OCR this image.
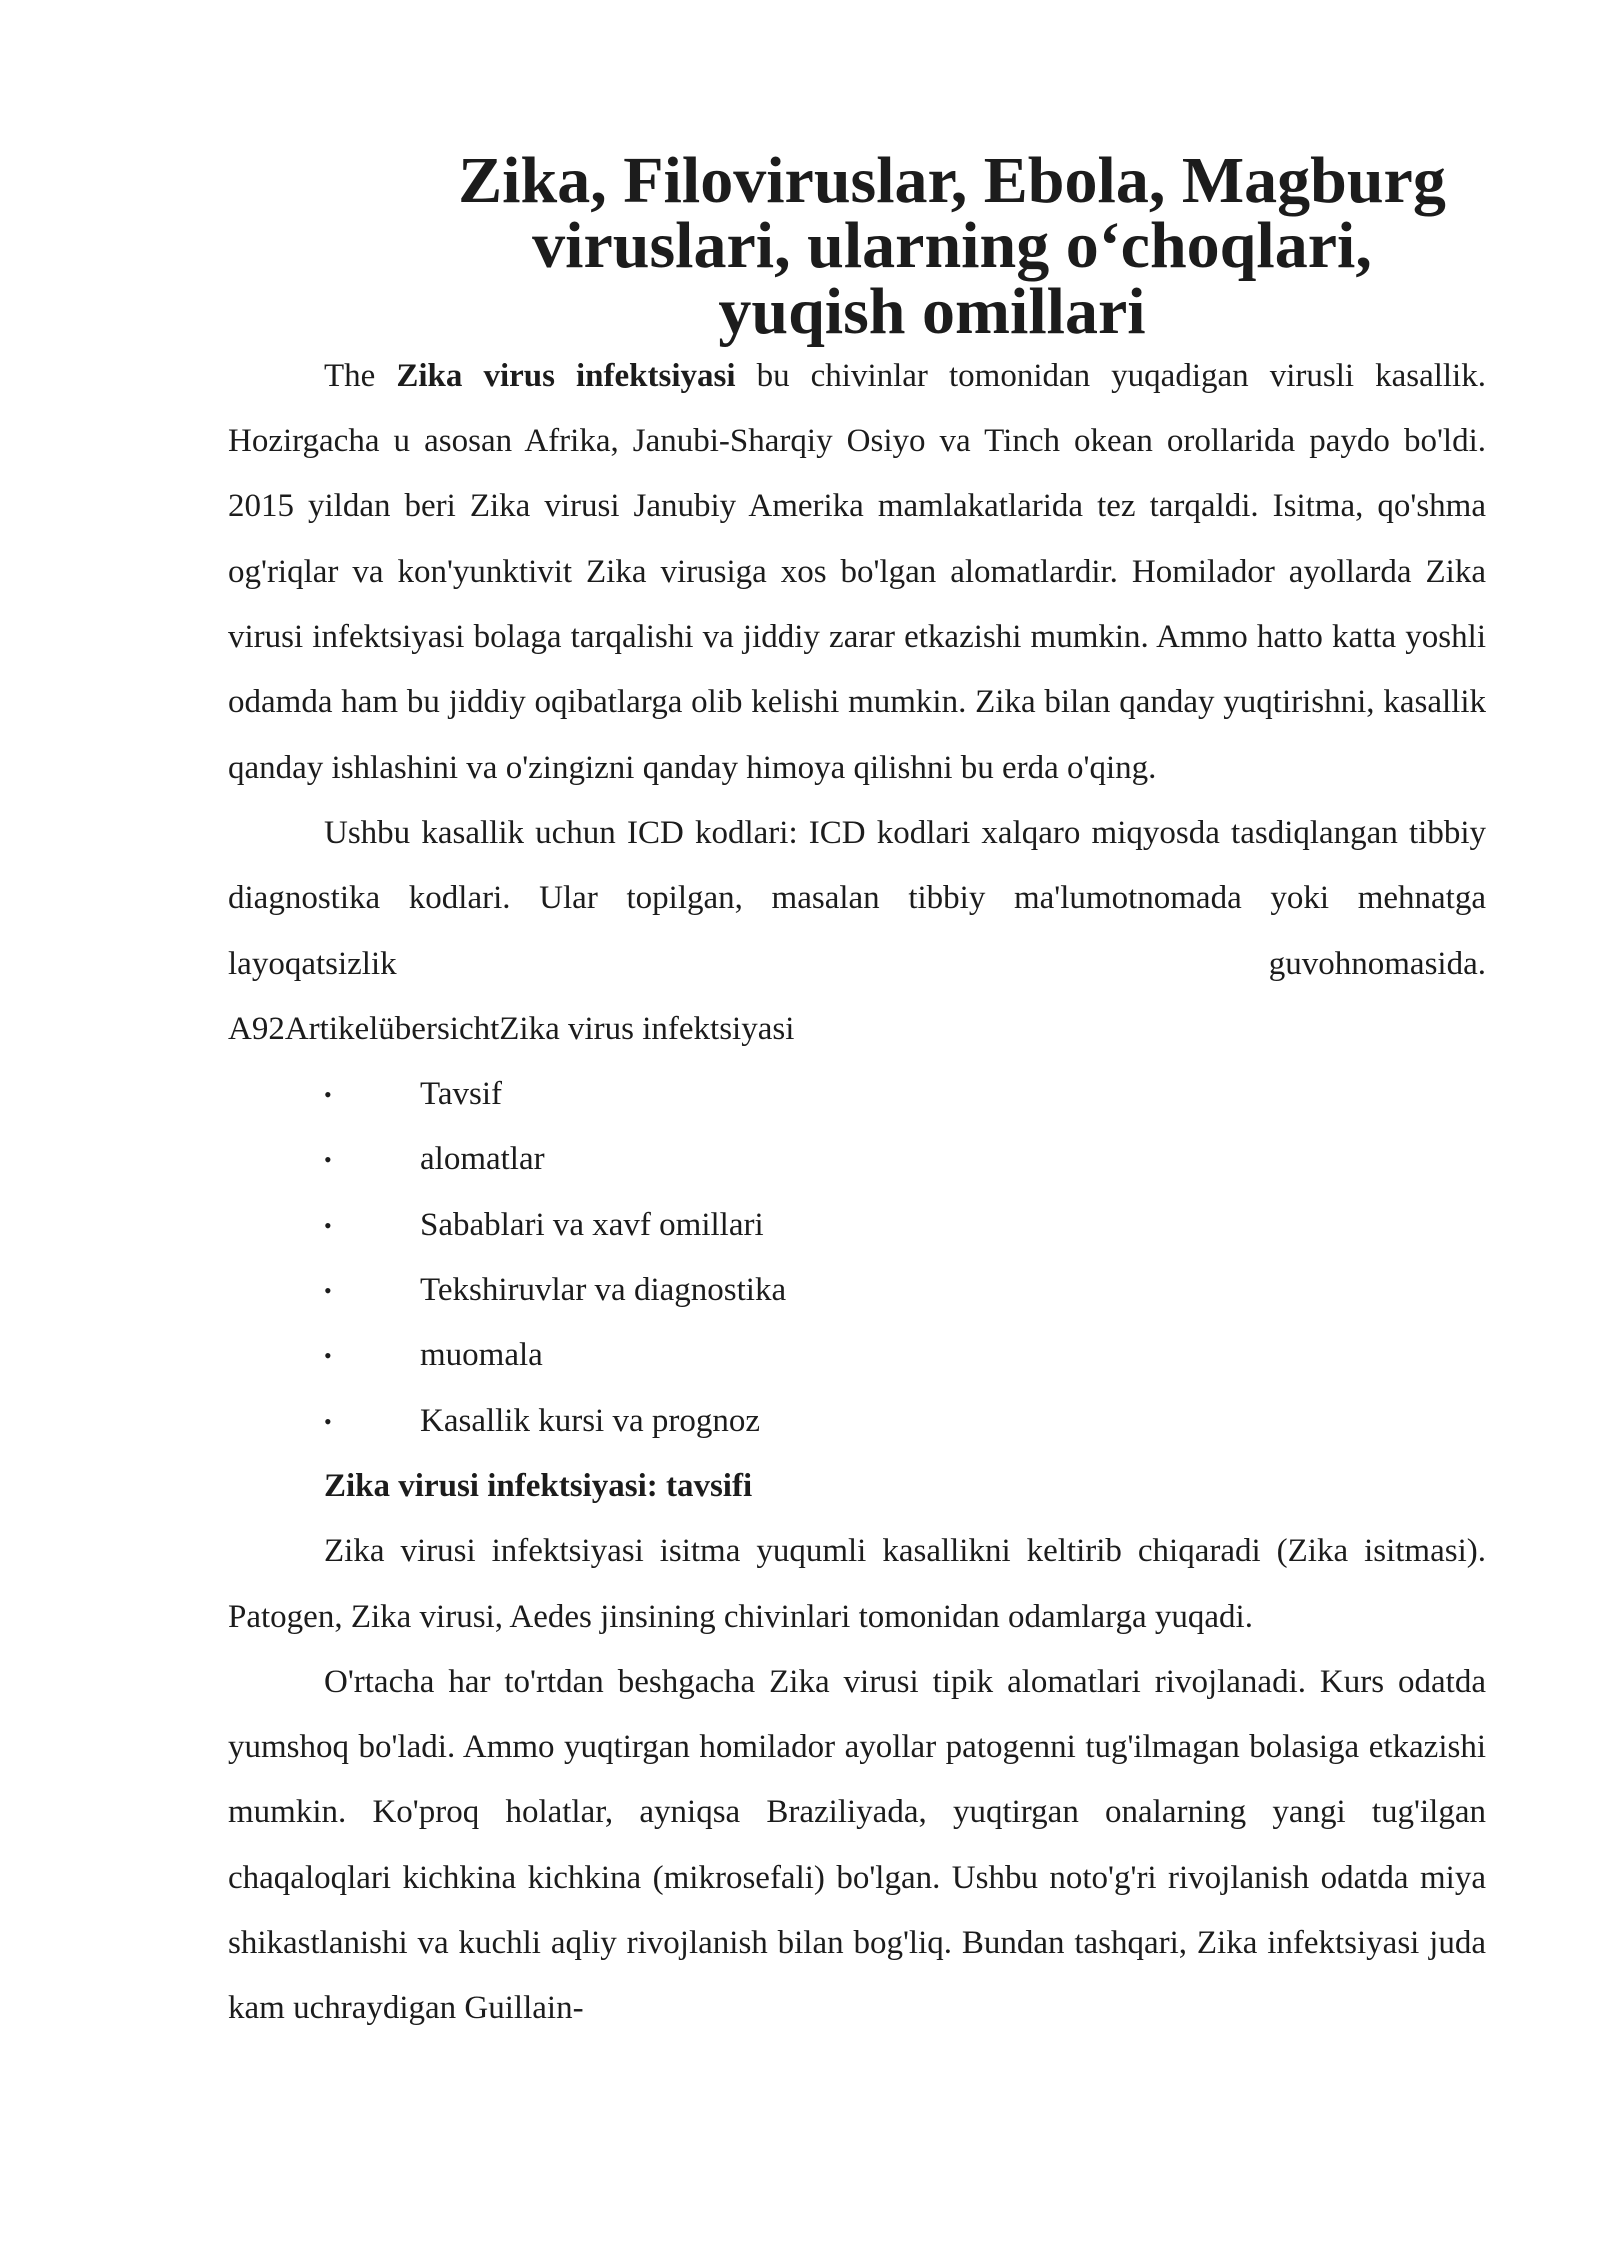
Zika, Filoviruslar, Ebola, Magburg viruslari, ularning o‘choqlari,
yuqish omillari

The Zika virus infektsiyasi bu chivinlar tomonidan yuqadigan virusli kasallik. Hozirgacha u asosan Afrika, Janubi-Sharqiy Osiyo va Tinch okean orollarida paydo bo'ldi. 2015 yildan beri Zika virusi Janubiy Amerika mamlakatlarida tez tarqaldi. Isitma, qo'shma og'riqlar va kon'yunktivit Zika virusiga xos bo'lgan alomatlardir. Homilador ayollarda Zika virusi infektsiyasi bolaga tarqalishi va jiddiy zarar etkazishi mumkin. Ammo hatto katta yoshli odamda ham bu jiddiy oqibatlarga olib kelishi mumkin. Zika bilan qanday yuqtirishni, kasallik qanday ishlashini va o'zingizni qanday himoya qilishni bu erda o'qing.

Ushbu kasallik uchun ICD kodlari: ICD kodlari xalqaro miqyosda tasdiqlangan tibbiy diagnostika kodlari. Ular topilgan, masalan tibbiy ma'lumotnomada yoki mehnatga layoqatsizlik guvohnomasida.

A92ArtikelübersichtZika virus infektsiyasi

•	Tavsif
•	alomatlar
•	Sabablari va xavf omillari
•	Tekshiruvlar va diagnostika
•	muomala
•	Kasallik kursi va prognoz
Zika virusi infektsiyasi: tavsifi

Zika virusi infektsiyasi isitma yuqumli kasallikni keltirib chiqaradi (Zika isitmasi). Patogen, Zika virusi, Aedes jinsining chivinlari tomonidan odamlarga yuqadi.

O'rtacha har to'rtdan beshgacha Zika virusi tipik alomatlari rivojlanadi. Kurs odatda yumshoq bo'ladi. Ammo yuqtirgan homilador ayollar patogenni tug'ilmagan bolasiga etkazishi mumkin. Ko'proq holatlar, ayniqsa Braziliyada, yuqtirgan onalarning yangi tug'ilgan chaqaloqlari kichkina kichkina (mikrosefali) bo'lgan. Ushbu noto'g'ri rivojlanish odatda miya shikastlanishi va kuchli aqliy rivojlanish bilan bog'liq. Bundan tashqari, Zika infektsiyasi juda kam uchraydigan Guillain-
